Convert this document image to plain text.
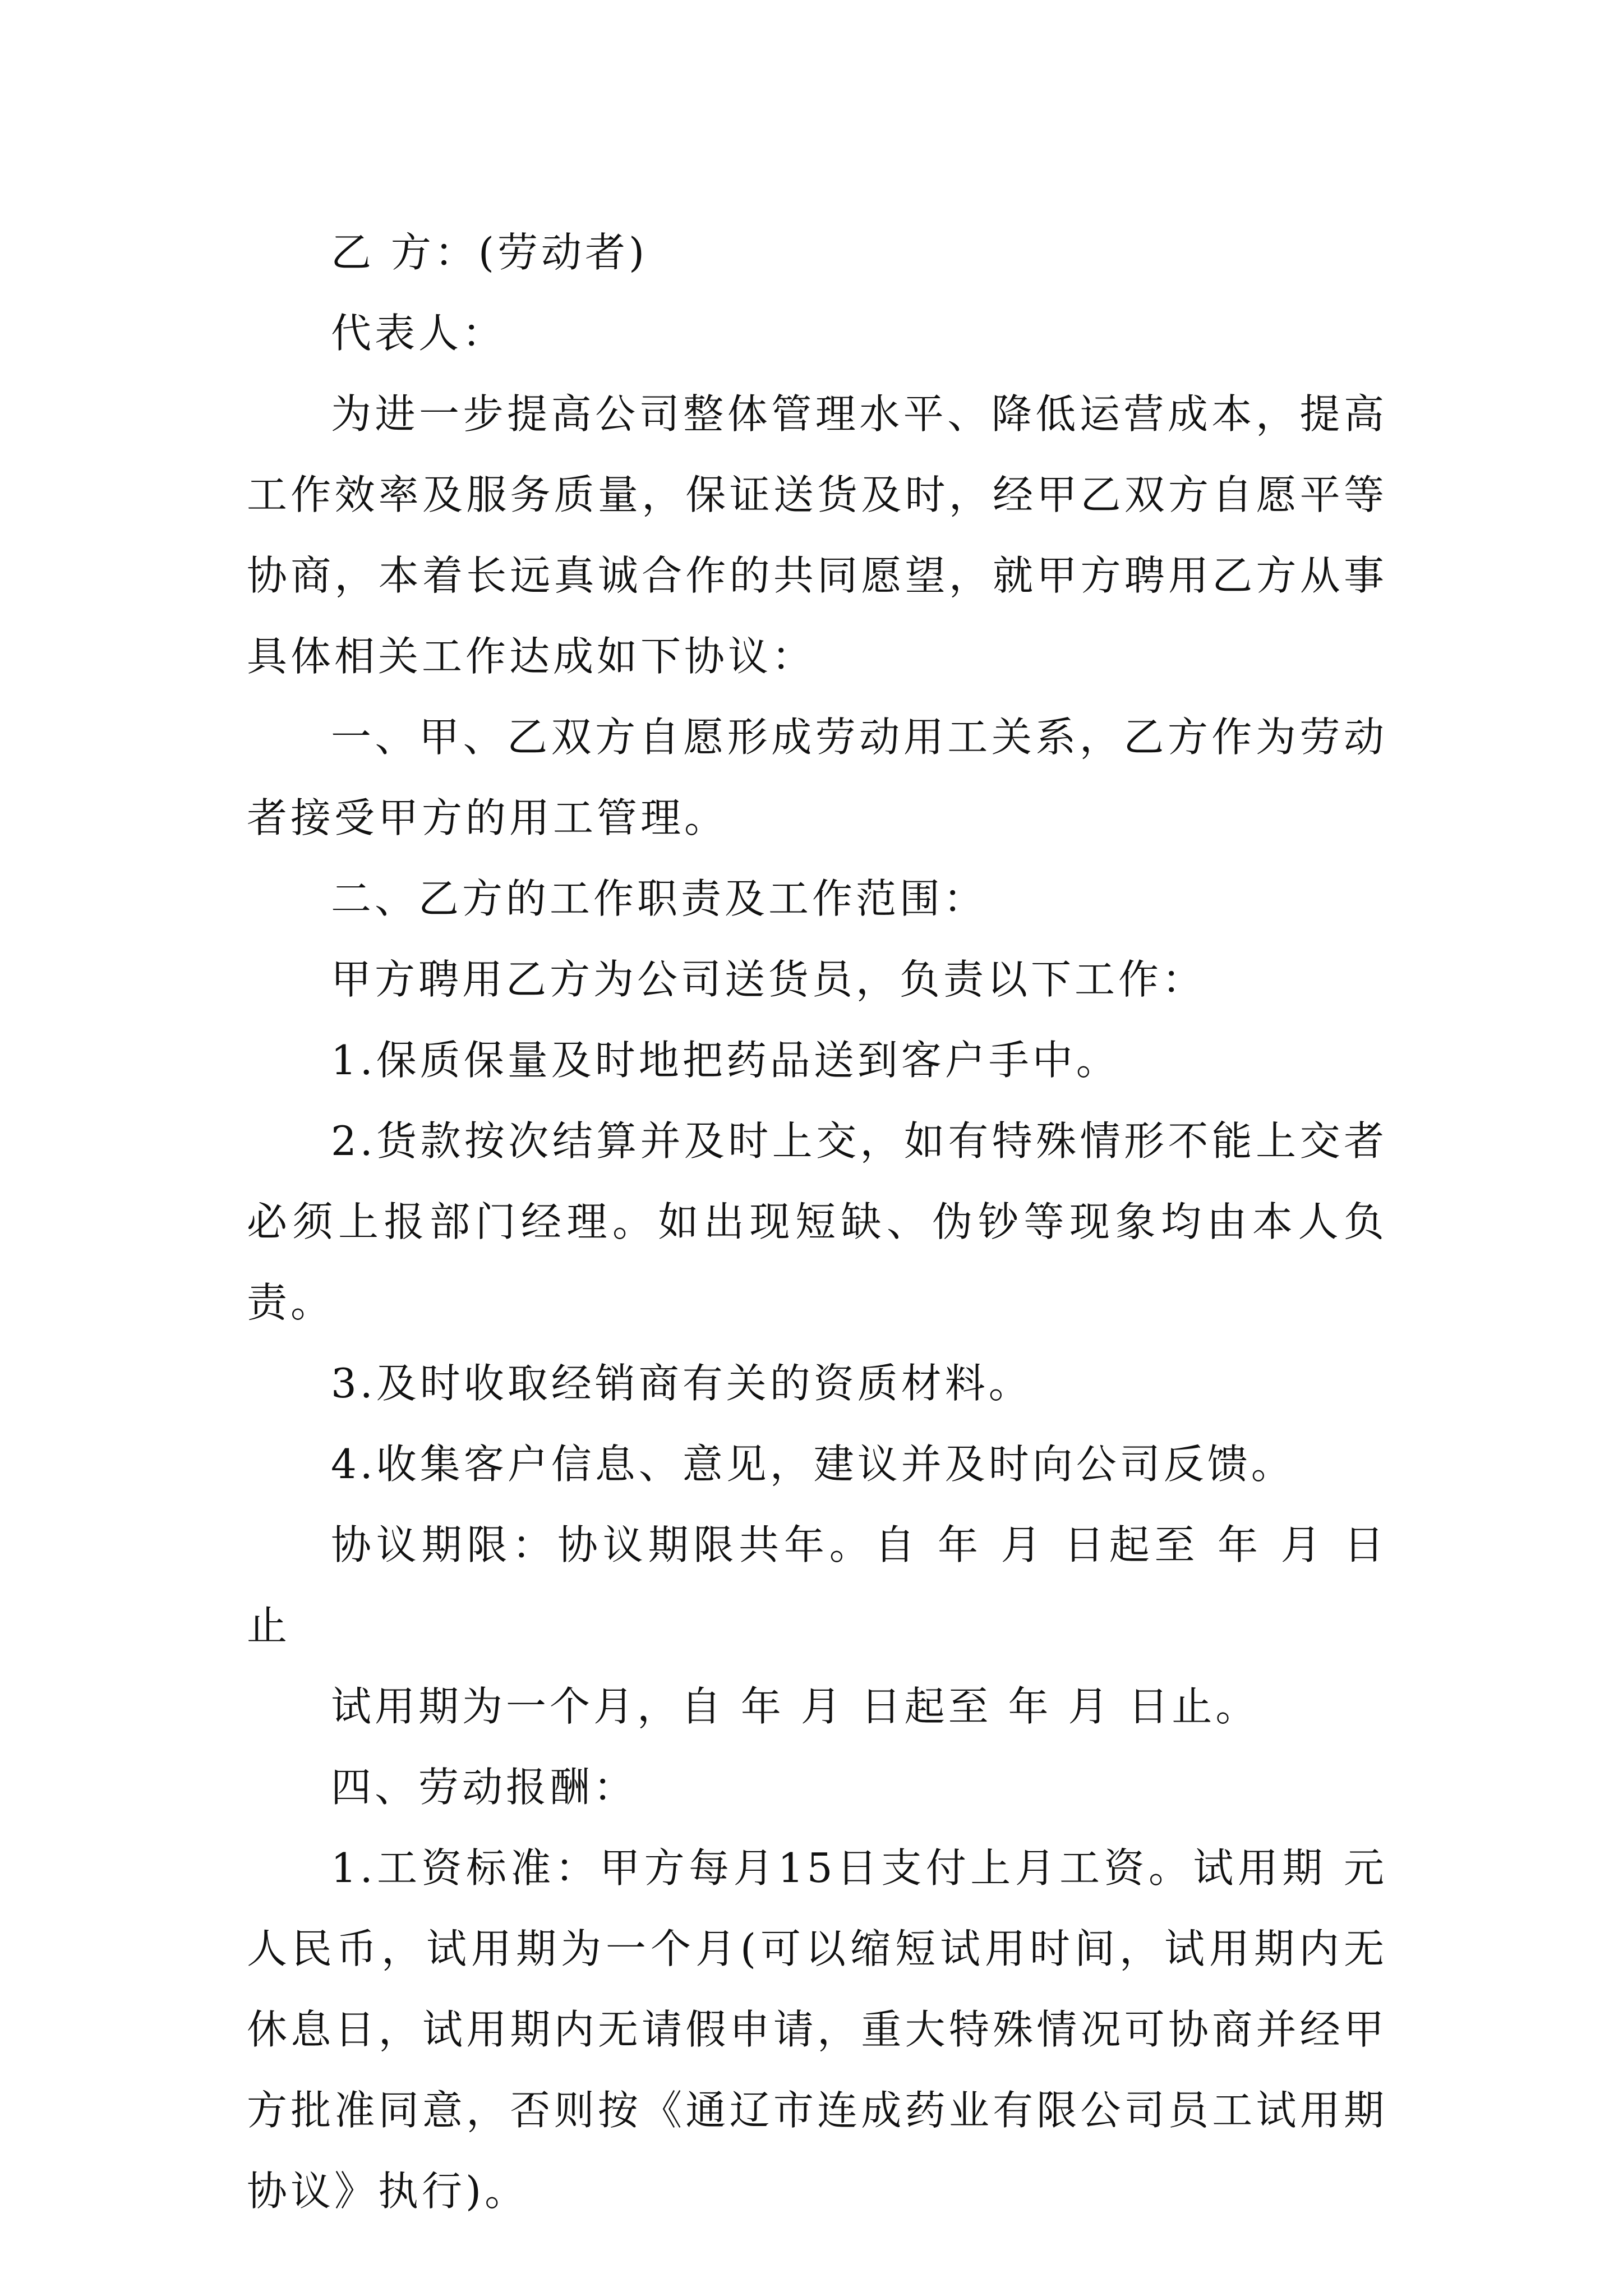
乙 方：(劳动者)

代表人：

为进一步提高公司整体管理水平、降低运营成本，提高工作效率及服务质量，保证送货及时，经甲乙双方自愿平等协商，本着长远真诚合作的共同愿望，就甲方聘用乙方从事具体相关工作达成如下协议：

一、甲、乙双方自愿形成劳动用工关系，乙方作为劳动者接受甲方的用工管理。

二、乙方的工作职责及工作范围：

甲方聘用乙方为公司送货员，负责以下工作：

1.保质保量及时地把药品送到客户手中。

2.货款按次结算并及时上交，如有特殊情形不能上交者必须上报部门经理。如出现短缺、伪钞等现象均由本人负责。

3.及时收取经销商有关的资质材料。

4.收集客户信息、意见，建议并及时向公司反馈。

协议期限：协议期限共年。自 年 月 日起至 年 月 日止

试用期为一个月，自 年 月 日起至 年 月 日止。

四、劳动报酬：

1.工资标准：甲方每月15日支付上月工资。试用期 元人民币，试用期为一个月(可以缩短试用时间，试用期内无休息日，试用期内无请假申请，重大特殊情况可协商并经甲方批准同意，否则按《通辽市连成药业有限公司员工试用期协议》执行)。
